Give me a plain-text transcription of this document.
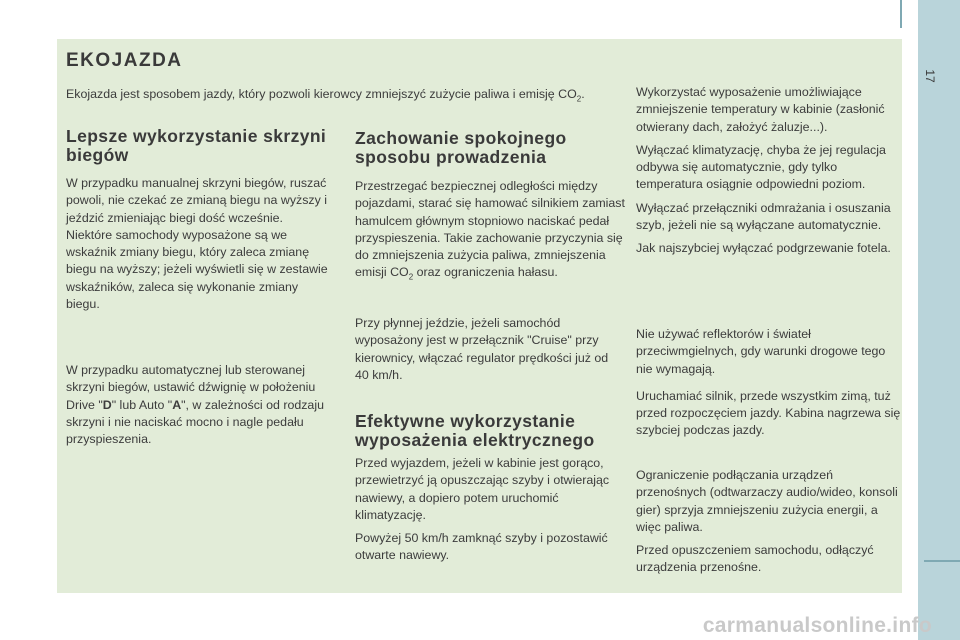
17
EKOJAZDA

Ekojazda jest sposobem jazdy, który pozwoli kierowcy zmniejszyć zużycie paliwa i emisję $CO_2$.

Lepsze wykorzystanie skrzyni biegów

W przypadku manualnej skrzyni biegów, ruszać powoli, nie czekać ze zmianą biegu na wyższy i jeździć zmieniając biegi dość wcześnie. Niektóre samochody wyposażone są we wskaźnik zmiany biegu, który zaleca zmianę biegu na wyższy; jeżeli wyświetli się w zestawie wskaźników, zaleca się wykonanie zmiany biegu.

W przypadku automatycznej lub sterowanej skrzyni biegów, ustawić dźwignię w położeniu Drive "D" lub Auto "A", w zależności od rodzaju skrzyni i nie naciskać mocno i nagle pedału przyspieszenia.

Zachowanie spokojnego sposobu prowadzenia

Przestrzegać bezpiecznej odległości między pojazdami, starać się hamować silnikiem zamiast hamulcem głównym stopniowo naciskać pedał przyspieszenia. Takie zachowanie przyczynia się do zmniejszenia zużycia paliwa, zmniejszenia emisji $CO_2$ oraz ograniczenia hałasu.

Przy płynnej jeździe, jeżeli samochód wyposażony jest w przełącznik "Cruise" przy kierownicy, włączać regulator prędkości już od 40 km/h.

Efektywne wykorzystanie wyposażenia elektrycznego

Przed wyjazdem, jeżeli w kabinie jest gorąco, przewietrzyć ją opuszczając szyby i otwierając nawiewy, a dopiero potem uruchomić klimatyzację.

Powyżej 50 km/h zamknąć szyby i pozostawić otwarte nawiewy.

Wykorzystać wyposażenie umożliwiające zmniejszenie temperatury w kabinie (zasłonić otwierany dach, założyć żaluzje...).

Wyłączać klimatyzację, chyba że jej regulacja odbywa się automatycznie, gdy tylko temperatura osiągnie odpowiedni poziom.

Wyłączać przełączniki odmrażania i osuszania szyb, jeżeli nie są wyłączane automatycznie.

Jak najszybciej wyłączać podgrzewanie fotela.

Nie używać reflektorów i świateł przeciwmgielnych, gdy warunki drogowe tego nie wymagają.

Uruchamiać silnik, przede wszystkim zimą, tuż przed rozpoczęciem jazdy. Kabina nagrzewa się szybciej podczas jazdy.

Ograniczenie podłączania urządzeń przenośnych (odtwarzaczy audio/wideo, konsoli gier) sprzyja zmniejszeniu zużycia energii, a więc paliwa.

Przed opuszczeniem samochodu, odłączyć urządzenia przenośne.

carmanualsonline.info
